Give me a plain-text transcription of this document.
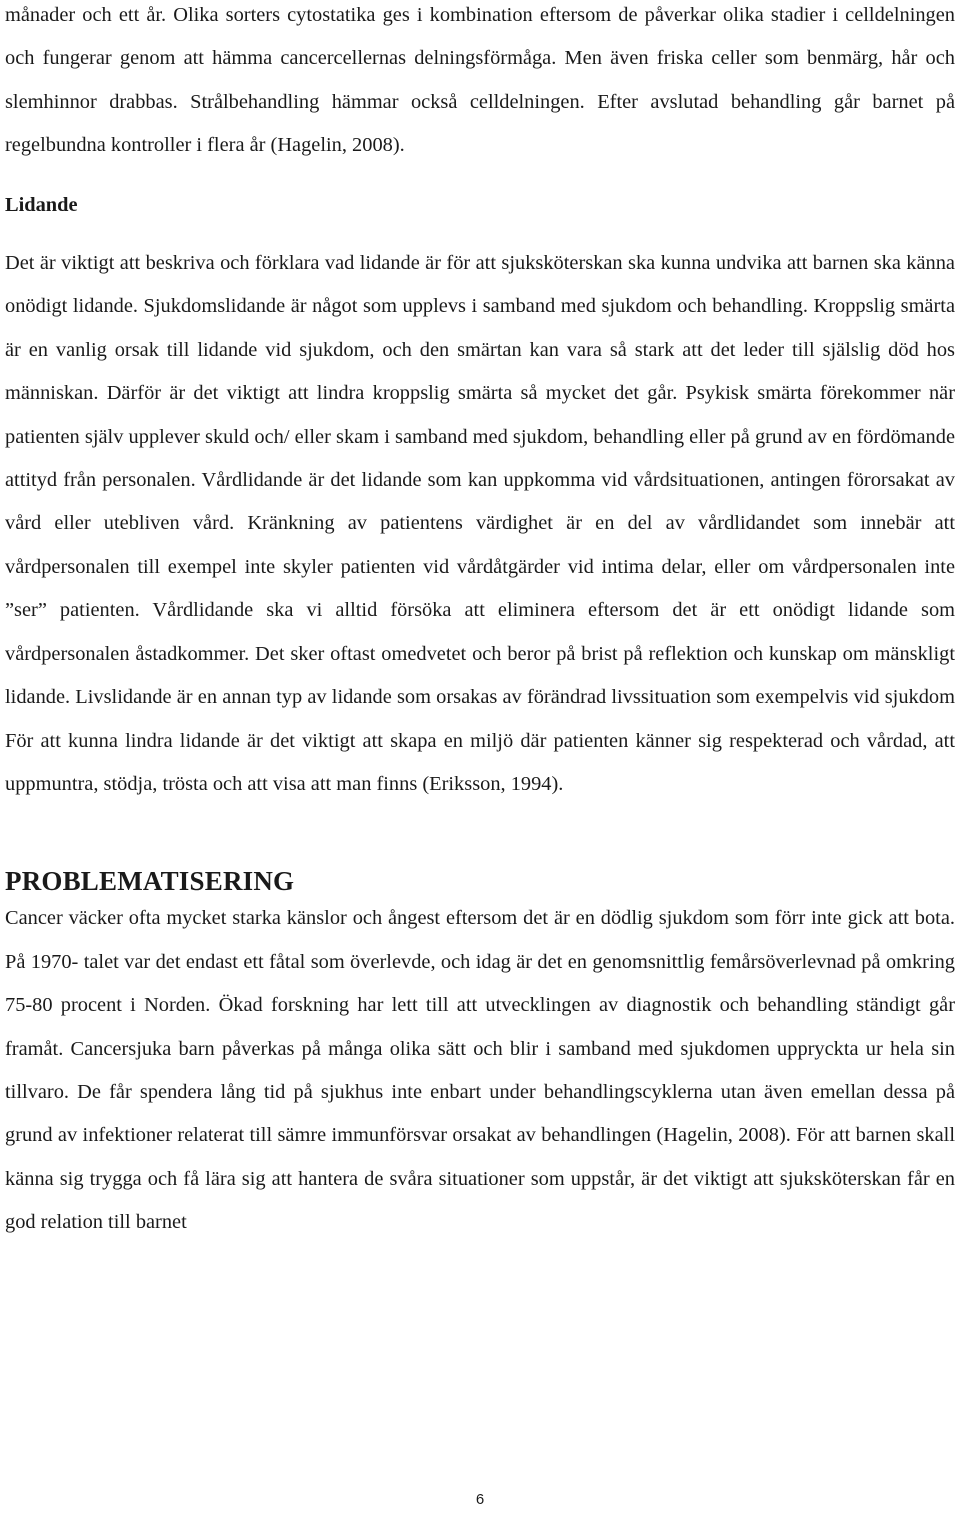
månader och ett år. Olika sorters cytostatika ges i kombination eftersom de påverkar olika stadier i celldelningen och fungerar genom att hämma cancercellernas delningsförmåga. Men även friska celler som benmärg, hår och slemhinnor drabbas. Strålbehandling hämmar också celldelningen. Efter avslutad behandling går barnet på regelbundna kontroller i flera år (Hagelin, 2008).

Lidande

Det är viktigt att beskriva och förklara vad lidande är för att sjuksköterskan ska kunna undvika att barnen ska känna onödigt lidande. Sjukdomslidande är något som upplevs i samband med sjukdom och behandling. Kroppslig smärta är en vanlig orsak till lidande vid sjukdom, och den smärtan kan vara så stark att det leder till själslig död hos människan. Därför är det viktigt att lindra kroppslig smärta så mycket det går. Psykisk smärta förekommer när patienten själv upplever skuld och/ eller skam i samband med sjukdom, behandling eller på grund av en fördömande attityd från personalen. Vårdlidande är det lidande som kan uppkomma vid vårdsituationen, antingen förorsakat av vård eller utebliven vård. Kränkning av patientens värdighet är en del av vårdlidandet som innebär att vårdpersonalen till exempel inte skyler patienten vid vårdåtgärder vid intima delar, eller om vårdpersonalen inte ”ser” patienten. Vårdlidande ska vi alltid försöka att eliminera eftersom det är ett onödigt lidande som vårdpersonalen åstadkommer. Det sker oftast omedvetet och beror på brist på reflektion och kunskap om mänskligt lidande. Livslidande är en annan typ av lidande som orsakas av förändrad livssituation som exempelvis vid sjukdom För att kunna lindra lidande är det viktigt att skapa en miljö där patienten känner sig respekterad och vårdad, att uppmuntra, stödja, trösta och att visa att man finns (Eriksson, 1994).

PROBLEMATISERING

Cancer väcker ofta mycket starka känslor och ångest eftersom det är en dödlig sjukdom som förr inte gick att bota. På 1970- talet var det endast ett fåtal som överlevde, och idag är det en genomsnittlig femårsöverlevnad på omkring 75-80 procent i Norden. Ökad forskning har lett till att utvecklingen av diagnostik och behandling ständigt går framåt. Cancersjuka barn påverkas på många olika sätt och blir i samband med sjukdomen uppryckta ur hela sin tillvaro. De får spendera lång tid på sjukhus inte enbart under behandlingscyklerna utan även emellan dessa på grund av infektioner relaterat till sämre immunförsvar orsakat av behandlingen (Hagelin, 2008). För att barnen skall känna sig trygga och få lära sig att hantera de svåra situationer som uppstår, är det viktigt att sjuksköterskan får en god relation till barnet

6
